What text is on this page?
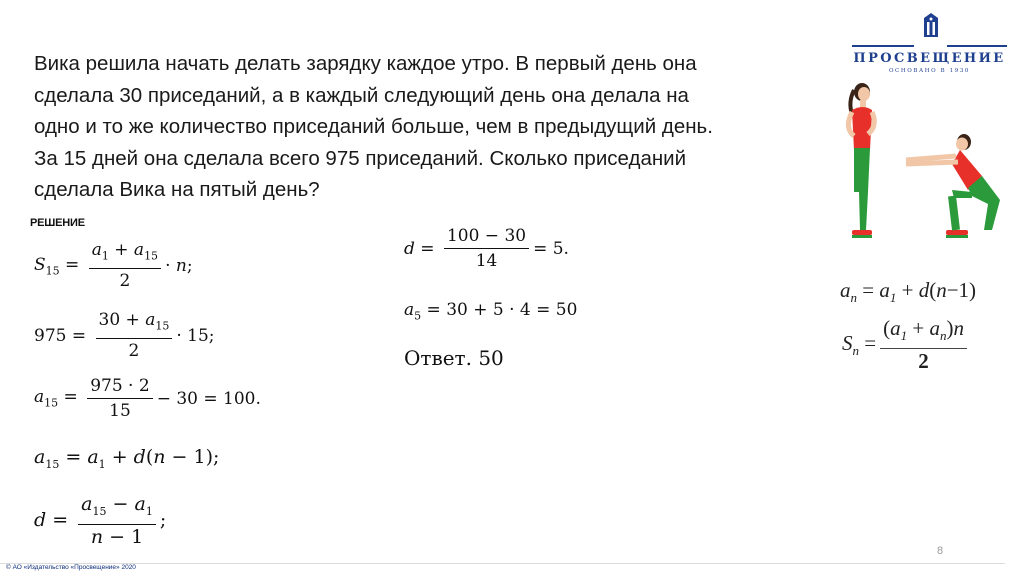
ПРОСВЕЩЕНИЕ
ОСНОВАНО В 1930
Вика решила начать делать зарядку каждое утро. В первый день она
сделала 30 приседаний, а в каждый следующий день она делала на
одно и то же количество приседаний больше, чем в предыдущий день.
За 15 дней она сделала всего 975 приседаний. Сколько приседаний
сделала Вика на пятый день?
РЕШЕНИЕ
$S_{15} = \frac{a_1 + a_{15}}{2} \cdot n$;
$975 = \frac{30 + a_{15}}{2} \cdot 15$;
$a_{15} = \frac{975 \cdot 2}{15} - 30 = 100$.
$a_{15} = a_1 + d(n - 1)$;
$d = \frac{a_{15} - a_1}{n - 1}$ ;
$d = \frac{100 - 30}{14} = 5$.
$a_5 = 30 + 5 \cdot 4 = 50$
Ответ. 50
$a_n = a_1 + d(n-1)$
$S_n = \frac{(a_1 + a_n)n}{2}$
8
© АО «Издательство «Просвещение» 2020
